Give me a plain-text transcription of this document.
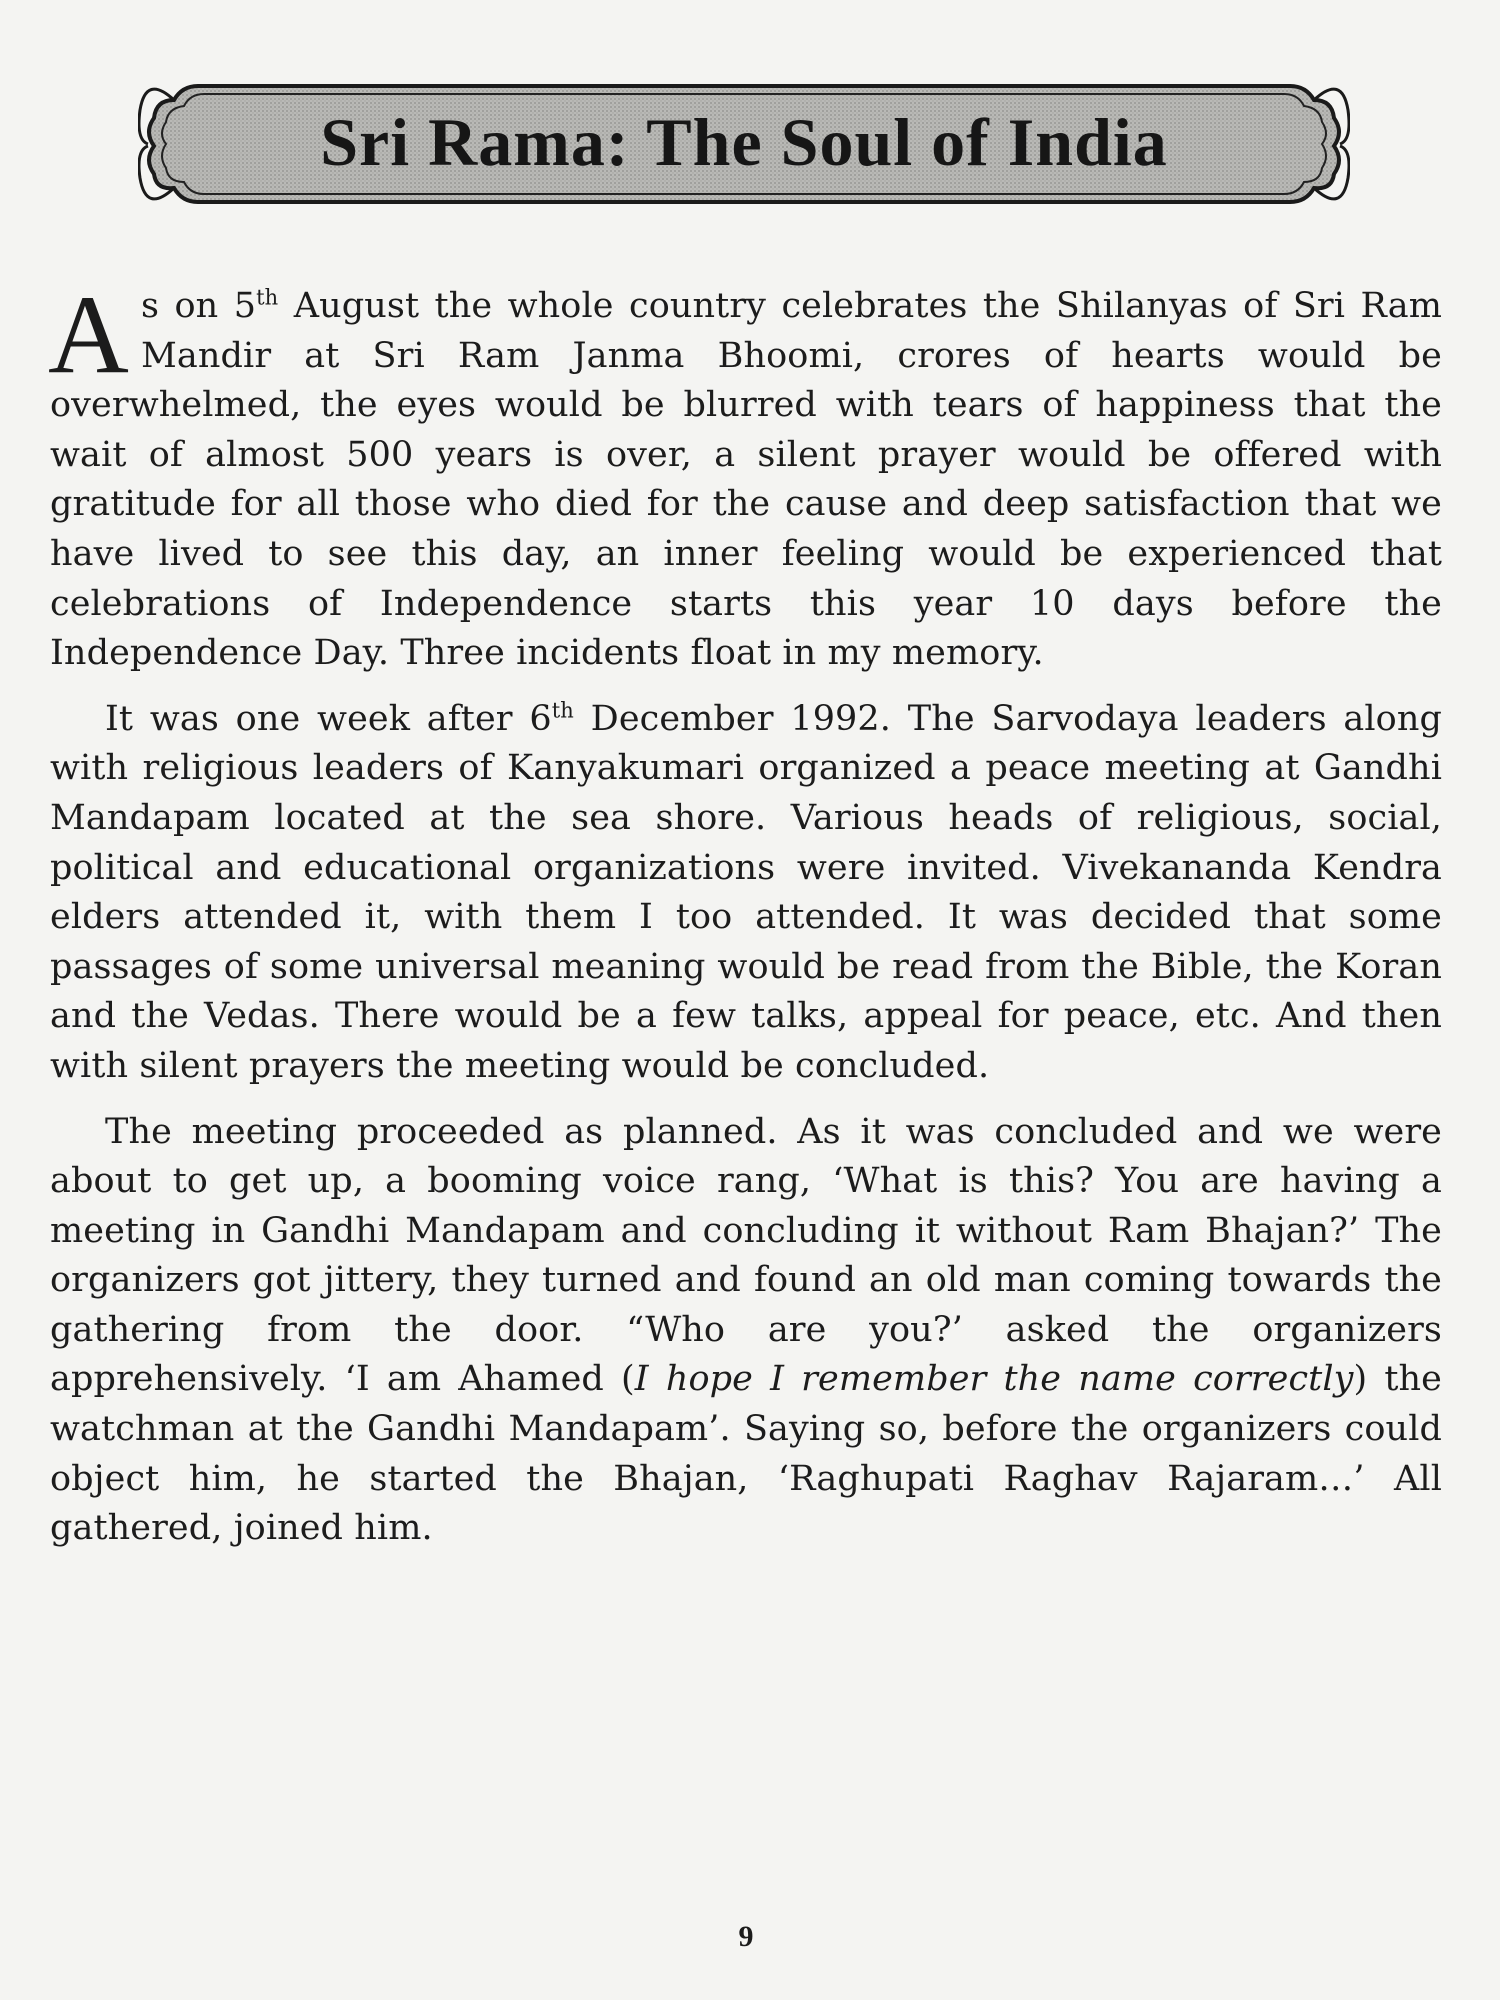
Sri Rama: The Soul of India

As on 5th August the whole country celebrates the Shilanyas of Sri Ram Mandir at Sri Ram Janma Bhoomi, crores of hearts would be overwhelmed, the eyes would be blurred with tears of happiness that the wait of almost 500 years is over, a silent prayer would be offered with gratitude for all those who died for the cause and deep satisfaction that we have lived to see this day, an inner feeling would be experienced that celebrations of Independence starts this year 10 days before the Independence Day. Three incidents float in my memory.

It was one week after 6th December 1992. The Sarvodaya leaders along with religious leaders of Kanyakumari organized a peace meeting at Gandhi Mandapam located at the sea shore. Various heads of religious, social, political and educational organizations were invited. Vivekananda Kendra elders attended it, with them I too attended. It was decided that some passages of some universal meaning would be read from the Bible, the Koran and the Vedas. There would be a few talks, appeal for peace, etc. And then with silent prayers the meeting would be concluded.

The meeting proceeded as planned. As it was concluded and we were about to get up, a booming voice rang, ‘What is this? You are having a meeting in Gandhi Mandapam and concluding it without Ram Bhajan?’ The organizers got jittery, they turned and found an old man coming towards the gathering from the door. “Who are you?’ asked the organizers apprehensively. ‘I am Ahamed (I hope I remember the name correctly) the watchman at the Gandhi Mandapam’. Saying so, before the organizers could object him, he started the Bhajan, ‘Raghupati Raghav Rajaram…’ All gathered, joined him.

9
